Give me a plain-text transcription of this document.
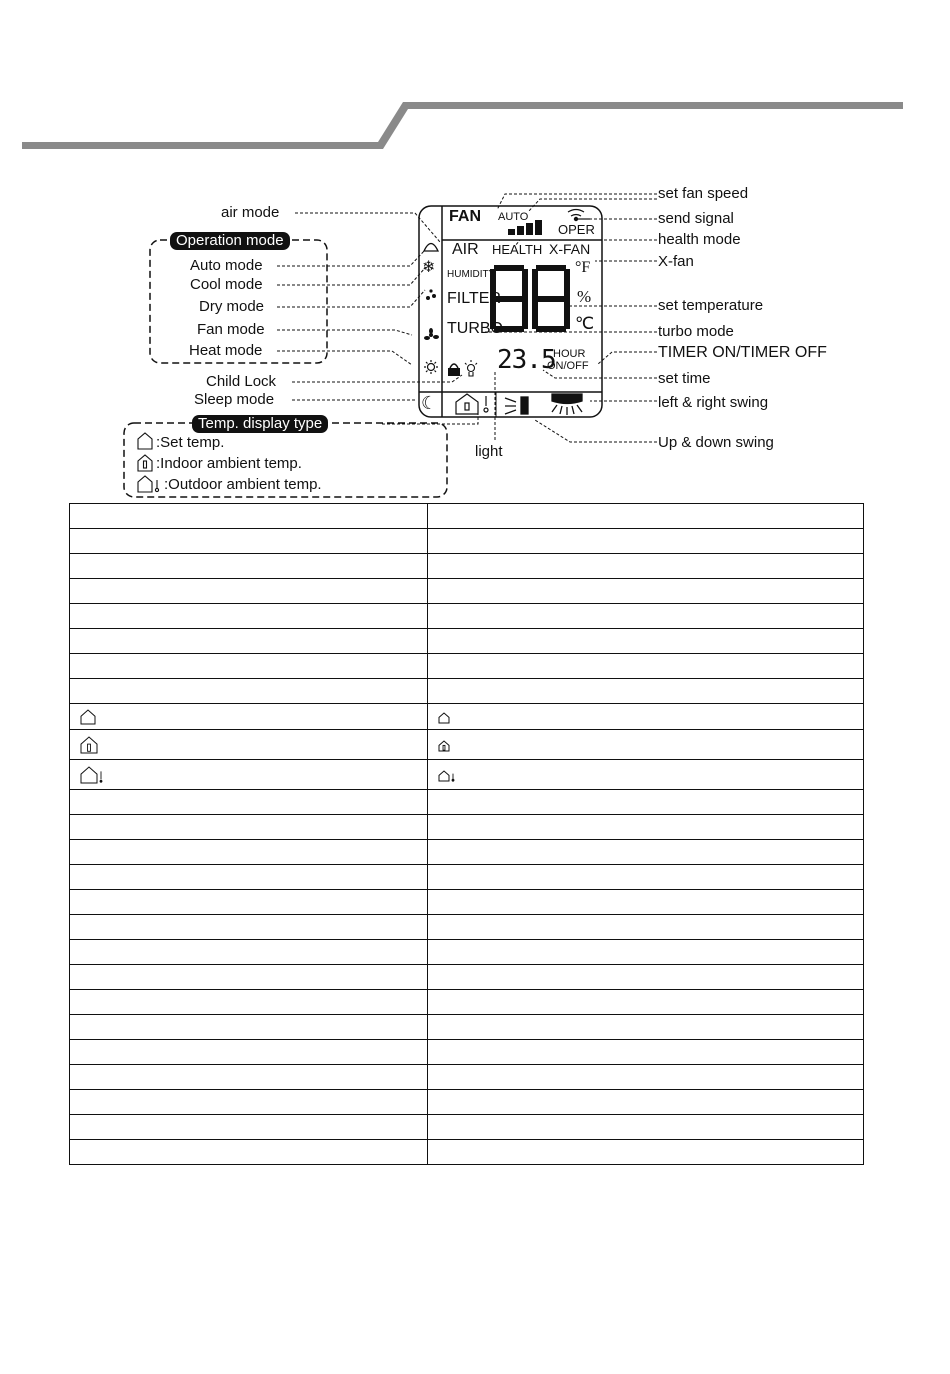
❄
☾
air mode
Operation mode
Auto mode
Cool mode
Dry mode
Fan mode
Heat mode
Child Lock
Sleep mode
Temp. display type
:Set temp.
:Indoor ambient temp.
:Outdoor ambient temp.
light
FAN AUTO
OPER
AIR HEALTH X-FAN
HUMIDITY
FILTER
TURBO
°F
%
℃
23.5
HOUR
ON/OFF
set fan speed
send signal
health mode
X-fan
set temperature
turbo mode
TIMER ON/TIMER OFF
set time
left & right swing
Up & down swing
